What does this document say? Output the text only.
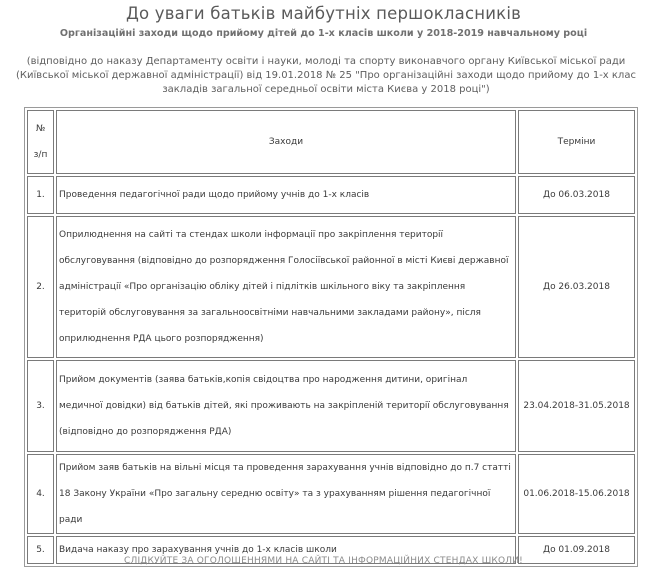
До уваги батьків майбутніх першокласників

Організаційні заходи щодо прийому дітей до 1-х класів школи у 2018-2019 навчальному році

(відповідно до наказу Департаменту освіти і науки, молоді та спорту виконавчого органу Київської міської ради (Київської міської державної адміністрації) від 19.01.2018 № 25 "Про організаційні заходи щодо прийому до 1-х клас закладів загальної середньої освіти міста Києва у 2018 році")

№
з/п	Заходи	Терміни
1.	Проведення педагогічної ради щодо прийому учнів до 1-х класів	До 06.03.2018
2.	Оприлюднення на сайті та стендах школи інформації про закріплення території обслуговування (відповідно до розпорядження Голосіївської районної в місті Києві державної адміністрації «Про організацію обліку дітей і підлітків шкільного віку та закріплення територій обслуговування за загальноосвітніми навчальними закладами району», після оприлюднення РДА цього розпорядження)	До 26.03.2018
3.	Прийом документів (заява батьків,копія свідоцтва про народження дитини, оригінал медичної довідки) від батьків дітей, які проживають на закріпленій території обслуговування (відповідно до розпорядження РДА)	23.04.2018-31.05.2018
4.	Прийом заяв батьків на вільні місця та проведення зарахування учнів відповідно до п.7 статті 18 Закону України «Про загальну середню освіту» та з урахуванням рішення педагогічної ради	01.06.2018-15.06.2018
5.	Видача наказу про зарахування учнів до 1-х класів школи	До 01.09.2018

СЛІДКУЙТЕ ЗА ОГОЛОШЕННЯМИ НА САЙТІ ТА ІНФОРМАЦІЙНИХ СТЕНДАХ ШКОЛИ!
